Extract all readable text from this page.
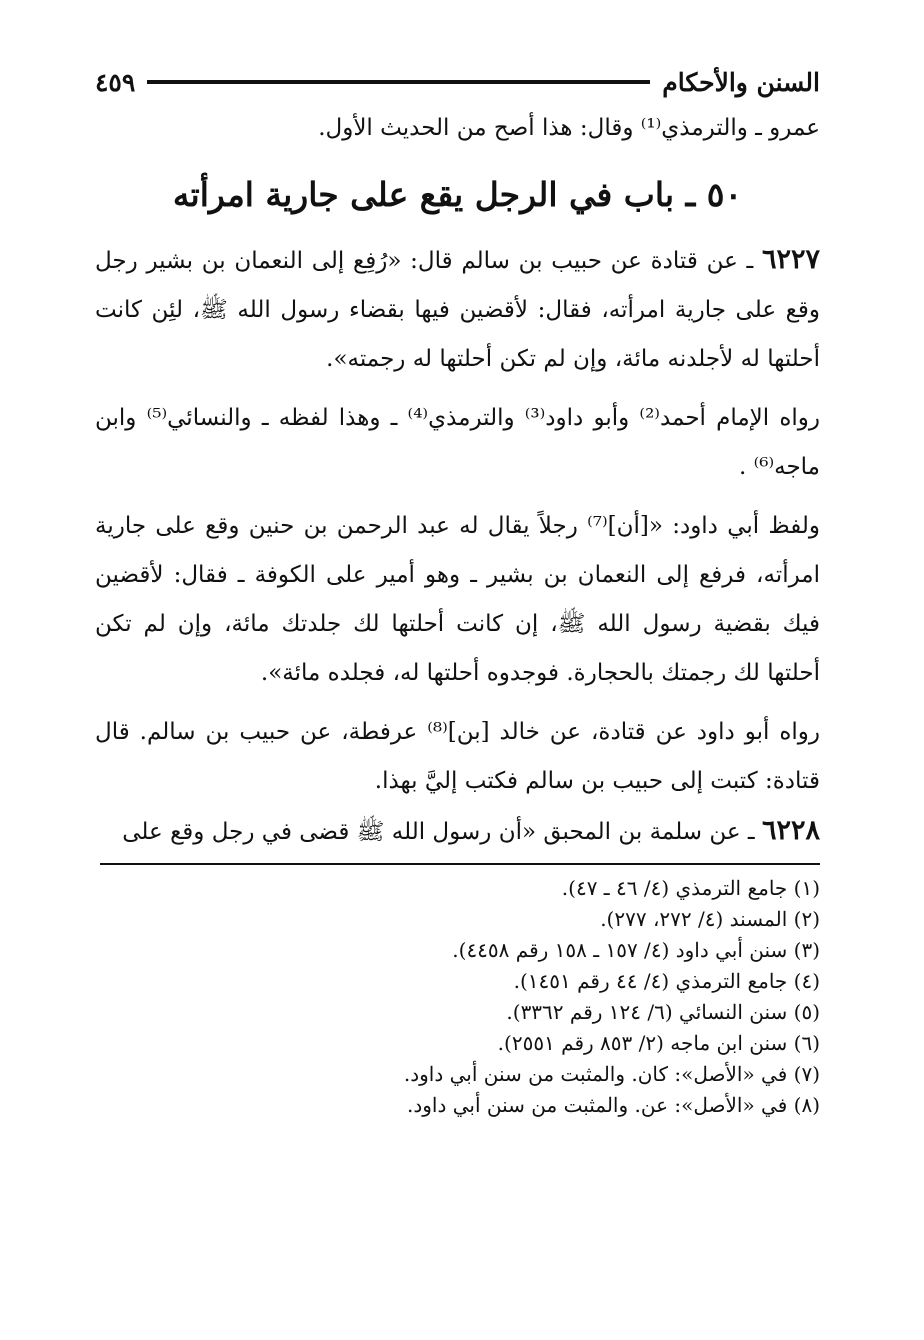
السنن والأحكام
٤٥٩

عمرو ـ والترمذي⁽¹⁾ وقال: هذا أصح من الحديث الأول.

٥٠ ـ باب في الرجل يقع على جارية امرأته

٦٢٢٧ ـ عن قتادة عن حبيب بن سالم قال: «رُفِع إلى النعمان بن بشير رجل وقع على جارية امرأته، فقال: لأقضين فيها بقضاء رسول الله ﷺ، لئِن كانت أحلتها له لأجلدنه مائة، وإن لم تكن أحلتها له رجمته».

رواه الإمام أحمد⁽²⁾ وأبو داود⁽³⁾ والترمذي⁽⁴⁾ ـ وهذا لفظه ـ والنسائي⁽⁵⁾ وابن ماجه⁽⁶⁾ .

ولفظ أبي داود: «[أن]⁽⁷⁾ رجلاً يقال له عبد الرحمن بن حنين وقع على جارية امرأته، فرفع إلى النعمان بن بشير ـ وهو أمير على الكوفة ـ فقال: لأقضين فيك بقضية رسول الله ﷺ، إن كانت أحلتها لك جلدتك مائة، وإن لم تكن أحلتها لك رجمتك بالحجارة. فوجدوه أحلتها له، فجلده مائة».

رواه أبو داود عن قتادة، عن خالد [بن]⁽⁸⁾ عرفطة، عن حبيب بن سالم. قال قتادة: كتبت إلى حبيب بن سالم فكتب إليَّ بهذا.

٦٢٢٨ ـ عن سلمة بن المحبق «أن رسول الله ﷺ قضى في رجل وقع على

(١) جامع الترمذي (٤/ ٤٦ ـ ٤٧).

(٢) المسند (٤/ ٢٧٢، ٢٧٧).

(٣) سنن أبي داود (٤/ ١٥٧ ـ ١٥٨ رقم ٤٤٥٨).

(٤) جامع الترمذي (٤/ ٤٤ رقم ١٤٥١).

(٥) سنن النسائي (٦/ ١٢٤ رقم ٣٣٦٢).

(٦) سنن ابن ماجه (٢/ ٨٥٣ رقم ٢٥٥١).

(٧) في «الأصل»: كان. والمثبت من سنن أبي داود.

(٨) في «الأصل»: عن. والمثبت من سنن أبي داود.
